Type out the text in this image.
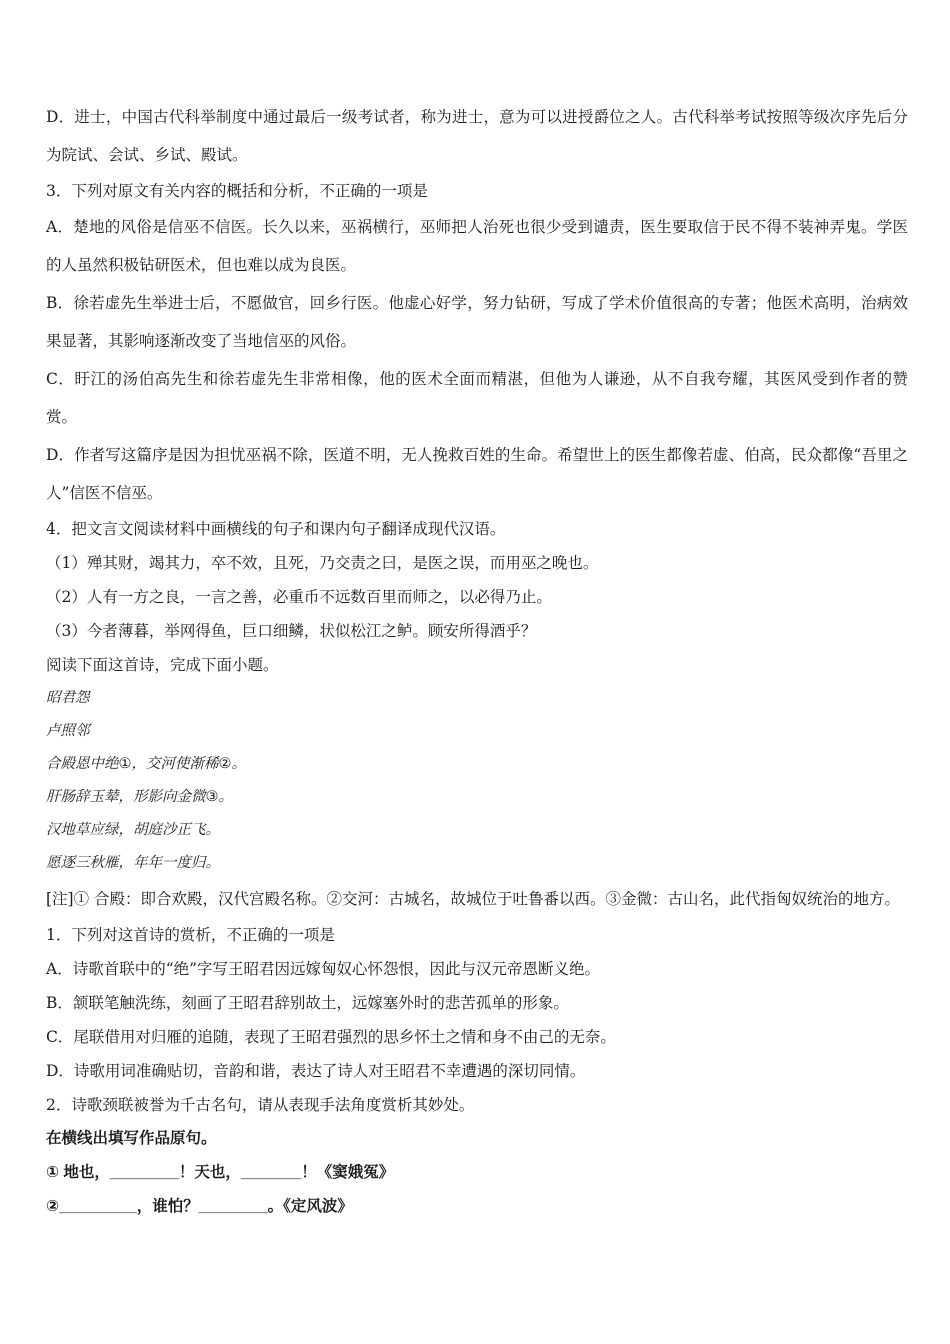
D．进士，中国古代科举制度中通过最后一级考试者，称为进士，意为可以进授爵位之人。古代科举考试按照等级次序先后分为院试、会试、乡试、殿试。

3．下列对原文有关内容的概括和分析，不正确的一项是

A．楚地的风俗是信巫不信医。长久以来，巫祸横行，巫师把人治死也很少受到谴责，医生要取信于民不得不装神弄鬼。学医的人虽然积极钻研医术，但也难以成为良医。

B．徐若虚先生举进士后，不愿做官，回乡行医。他虚心好学，努力钻研，写成了学术价值很高的专著；他医术高明，治病效果显著，其影响逐渐改变了当地信巫的风俗。

C．盱江的汤伯高先生和徐若虚先生非常相像，他的医术全面而精湛，但他为人谦逊，从不自我夸耀，其医风受到作者的赞赏。

D．作者写这篇序是因为担忧巫祸不除，医道不明，无人挽救百姓的生命。希望世上的医生都像若虚、伯高，民众都像“吾里之人”信医不信巫。

4．把文言文阅读材料中画横线的句子和课内句子翻译成现代汉语。

（1）殚其财，竭其力，卒不效，且死，乃交责之曰，是医之误，而用巫之晚也。

（2）人有一方之良，一言之善，必重币不远数百里而师之，以必得乃止。

（3）今者薄暮，举网得鱼，巨口细鳞，状似松江之鲈。顾安所得酒乎？

阅读下面这首诗，完成下面小题。

昭君怨

卢照邻

合殿恩中绝①，交河使渐稀②。

肝肠辞玉辇，形影向金微③。

汉地草应绿，胡庭沙正飞。

愿逐三秋雁，年年一度归。

[注]① 合殿：即合欢殿，汉代宫殿名称。②交河：古城名，故城位于吐鲁番以西。③金微：古山名，此代指匈奴统治的地方。

1．下列对这首诗的赏析，不正确的一项是

A．诗歌首联中的“绝”字写王昭君因远嫁匈奴心怀怨恨，因此与汉元帝恩断义绝。

B．颔联笔触洗练，刻画了王昭君辞别故土，远嫁塞外时的悲苦孤单的形象。

C．尾联借用对归雁的追随，表现了王昭君强烈的思乡怀土之情和身不由己的无奈。

D．诗歌用词准确贴切，音韵和谐，表达了诗人对王昭君不幸遭遇的深切同情。

2．诗歌颈联被誉为千古名句，请从表现手法角度赏析其妙处。

在横线出填写作品原句。

① 地也，________！天也，_______！《窦娥冤》

②_________，谁怕？________。《定风波》
